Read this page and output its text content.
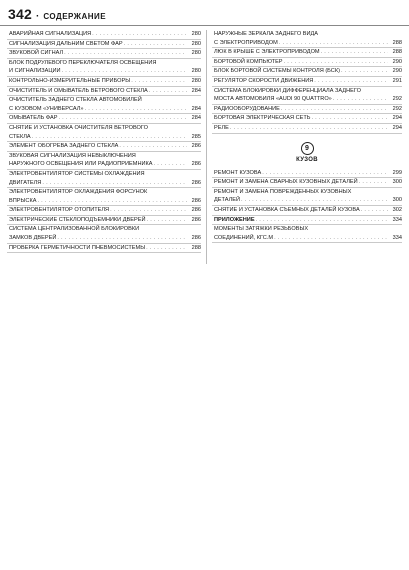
342 · СОДЕРЖАНИЕ
АВАРИЙНАЯ СИГНАЛИЗАЦИЯ . . .	280
СИГНАЛИЗАЦИЯ ДАЛЬНИМ СВЕТОМ ФАР . . .	280
ЗВУКОВОЙ СИГНАЛ . . .	280
БЛОК ПОДРУЛЕВОГО ПЕРЕКЛЮЧАТЕЛЯ ОСВЕЩЕНИЯ
И СИГНАЛИЗАЦИИ . . .	280
КОНТРОЛЬНО-ИЗМЕРИТЕЛЬНЫЕ ПРИБОРЫ . . .	280
ОЧИСТИТЕЛЬ И ОМЫВАТЕЛЬ ВЕТРОВОГО СТЕКЛА . . .	284
ОЧИСТИТЕЛЬ ЗАДНЕГО СТЕКЛА АВТОМОБИЛЕЙ
С КУЗОВОМ «УНИВЕРСАЛ» . . .	284
ОМЫВАТЕЛЬ ФАР . . .	284
СНЯТИЕ И УСТАНОВКА ОЧИСТИТЕЛЯ ВЕТРОВОГО
СТЕКЛА . . .	285
ЭЛЕМЕНТ ОБОГРЕВА ЗАДНЕГО СТЕКЛА . . .	286
ЗВУКОВАЯ СИГНАЛИЗАЦИЯ НЕВЫКЛЮЧЕНИЯ
НАРУЖНОГО ОСВЕЩЕНИЯ ИЛИ РАДИОПРИЕМНИКА . . .	286
ЭЛЕКТРОВЕНТИЛЯТОР СИСТЕМЫ ОХЛАЖДЕНИЯ
ДВИГАТЕЛЯ . . .	286
ЭЛЕКТРОВЕНТИЛЯТОР ОХЛАЖДЕНИЯ ФОРСУНОК
ВПРЫСКА . . .	286
ЭЛЕКТРОВЕНТИЛЯТОР ОТОПИТЕЛЯ . . .	286
ЭЛЕКТРИЧЕСКИЕ СТЕКЛОПОДЪЕМНИКИ ДВЕРЕЙ . . .	286
СИСТЕМА ЦЕНТРАЛИЗОВАННОЙ БЛОКИРОВКИ
ЗАМКОВ ДВЕРЕЙ . . .	286
ПРОВЕРКА ГЕРМЕТИЧНОСТИ ПНЕВМОСИСТЕМЫ . . .	288
НАРУЖНЫЕ ЗЕРКАЛА ЗАДНЕГО ВИДА
С ЭЛЕКТРОПРИВОДОМ . . .	288
ЛЮК В КРЫШЕ С ЭЛЕКТРОПРИВОДОМ . . .	288
БОРТОВОЙ КОМПЬЮТЕР . . .	290
БЛОК БОРТОВОЙ СИСТЕМЫ КОНТРОЛЯ (БСК) . . .	290
РЕГУЛЯТОР СКОРОСТИ ДВИЖЕНИЯ . . .	291
СИСТЕМА БЛОКИРОВКИ ДИФФЕРЕНЦИАЛА ЗАДНЕГО
МОСТА АВТОМОБИЛЯ «AUDI 90 QUATTRO» . . .	292
РАДИООБОРУДОВАНИЕ . . .	292
БОРТОВАЯ ЭЛЕКТРИЧЕСКАЯ СЕТЬ . . .	294
РЕЛЕ . . .	294
9
КУЗОВ
РЕМОНТ КУЗОВА . . .	299
РЕМОНТ И ЗАМЕНА СВАРНЫХ КУЗОВНЫХ ДЕТАЛЕЙ . . .	300
РЕМОНТ И ЗАМЕНА ПОВРЕЖДЕННЫХ КУЗОВНЫХ
ДЕТАЛЕЙ . . .	300
СНЯТИЕ И УСТАНОВКА СЪЕМНЫХ ДЕТАЛЕЙ КУЗОВА . . .	302
ПРИЛОЖЕНИЕ . . .	334
МОМЕНТЫ ЗАТЯЖКИ РЕЗЬБОВЫХ
СОЕДИНЕНИЙ, КГС.М . . .	334
